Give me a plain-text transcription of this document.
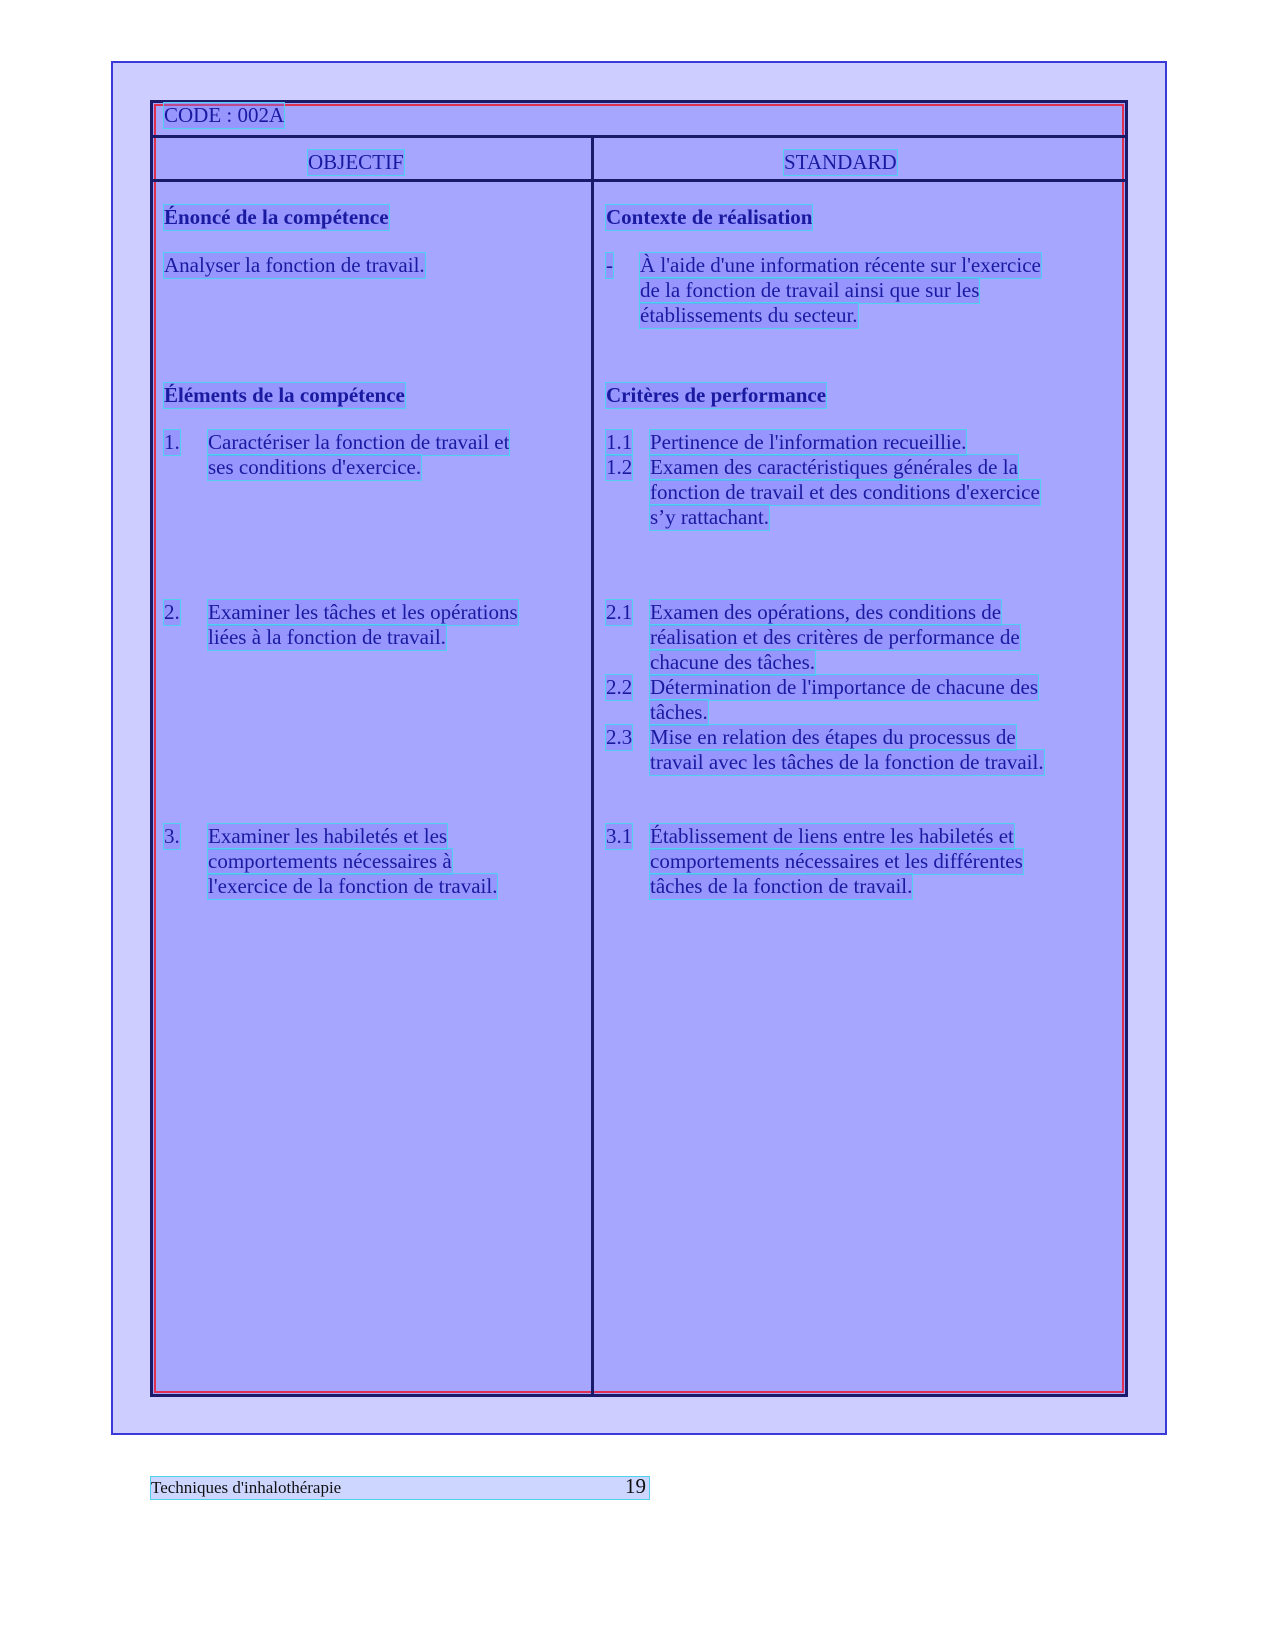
CODE : 002A
OBJECTIF	STANDARD
Énoncé de la compétence
Analyser la fonction de travail.
Éléments de la compétence
1. Caractériser la fonction de travail et
ses conditions d'exercice.
2. Examiner les tâches et les opérations
liées à la fonction de travail.
3. Examiner les habiletés et les
comportements nécessaires à
l'exercice de la fonction de travail.
Contexte de réalisation
- À l'aide d'une information récente sur l'exercice
de la fonction de travail ainsi que sur les
établissements du secteur.
Critères de performance
1.1 Pertinence de l'information recueillie.
1.2 Examen des caractéristiques générales de la
fonction de travail et des conditions d'exercice
s’y rattachant.
2.1 Examen des opérations, des conditions de
réalisation et des critères de performance de
chacune des tâches.
2.2 Détermination de l'importance de chacune des
tâches.
2.3 Mise en relation des étapes du processus de
travail avec les tâches de la fonction de travail.
3.1 Établissement de liens entre les habiletés et
comportements nécessaires et les différentes
tâches de la fonction de travail.
Techniques d'inhalothérapie	19
